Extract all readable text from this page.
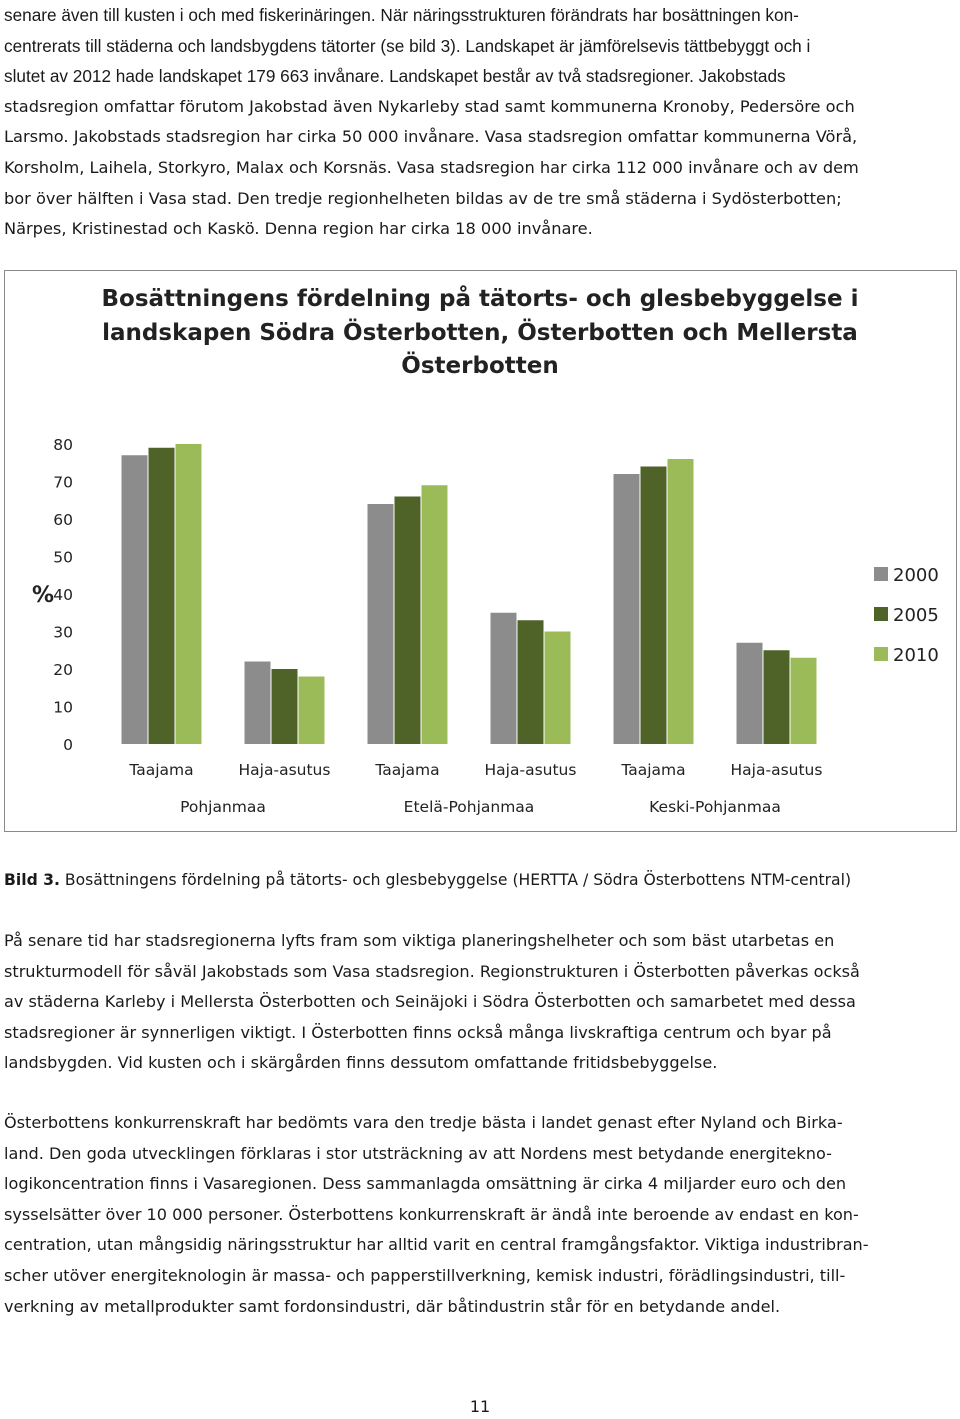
senare även till kusten i och med fiskerinäringen. När näringsstrukturen förändrats har bosättningen kon-
centrerats till städerna och landsbygdens tätorter (se bild 3). Landskapet är jämförelsevis tättbebyggt och i
slutet av 2012 hade landskapet 179 663 invånare. Landskapet består av två stadsregioner. Jakobstads
stadsregion omfattar förutom Jakobstad även Nykarleby stad samt kommunerna Kronoby, Pedersöre och
Larsmo. Jakobstads stadsregion har cirka 50 000 invånare. Vasa stadsregion omfattar kommunerna Vörå,
Korsholm, Laihela, Storkyro, Malax och Korsnäs. Vasa stadsregion har cirka 112 000 invånare och av dem
bor över hälften i Vasa stad. Den tredje regionhelheten bildas av de tre små städerna i Sydösterbotten;
Närpes, Kristinestad och Kaskö. Denna region har cirka 18 000 invånare.
Bosättningens fördelning på tätorts- och glesbebyggelse i
landskapen Södra Österbotten, Österbotten och Mellersta
Österbotten
0
10
20
30
40
50
60
70
80
%
Taajama	Haja-asutus	Taajama	Haja-asutus	Taajama	Haja-asutus
Pohjanmaa	Etelä-Pohjanmaa	Keski-Pohjanmaa
2000
2005
2010
Bild 3. Bosättningens fördelning på tätorts- och glesbebyggelse (HERTTA / Södra Österbottens NTM-central)
På senare tid har stadsregionerna lyfts fram som viktiga planeringshelheter och som bäst utarbetas en
strukturmodell för såväl Jakobstads som Vasa stadsregion. Regionstrukturen i Österbotten påverkas också
av städerna Karleby i Mellersta Österbotten och Seinäjoki i Södra Österbotten och samarbetet med dessa
stadsregioner är synnerligen viktigt. I Österbotten finns också många livskraftiga centrum och byar på
landsbygden. Vid kusten och i skärgården finns dessutom omfattande fritidsbebyggelse.
Österbottens konkurrenskraft har bedömts vara den tredje bästa i landet genast efter Nyland och Birka-
land. Den goda utvecklingen förklaras i stor utsträckning av att Nordens mest betydande energitekno-
logikoncentration finns i Vasaregionen. Dess sammanlagda omsättning är cirka 4 miljarder euro och den
sysselsätter över 10 000 personer. Österbottens konkurrenskraft är ändå inte beroende av endast en kon-
centration, utan mångsidig näringsstruktur har alltid varit en central framgångsfaktor. Viktiga industribran-
scher utöver energiteknologin är massa- och papperstillverkning, kemisk industri, förädlingsindustri, till-
verkning av metallprodukter samt fordonsindustri, där båtindustrin står för en betydande andel.
11
